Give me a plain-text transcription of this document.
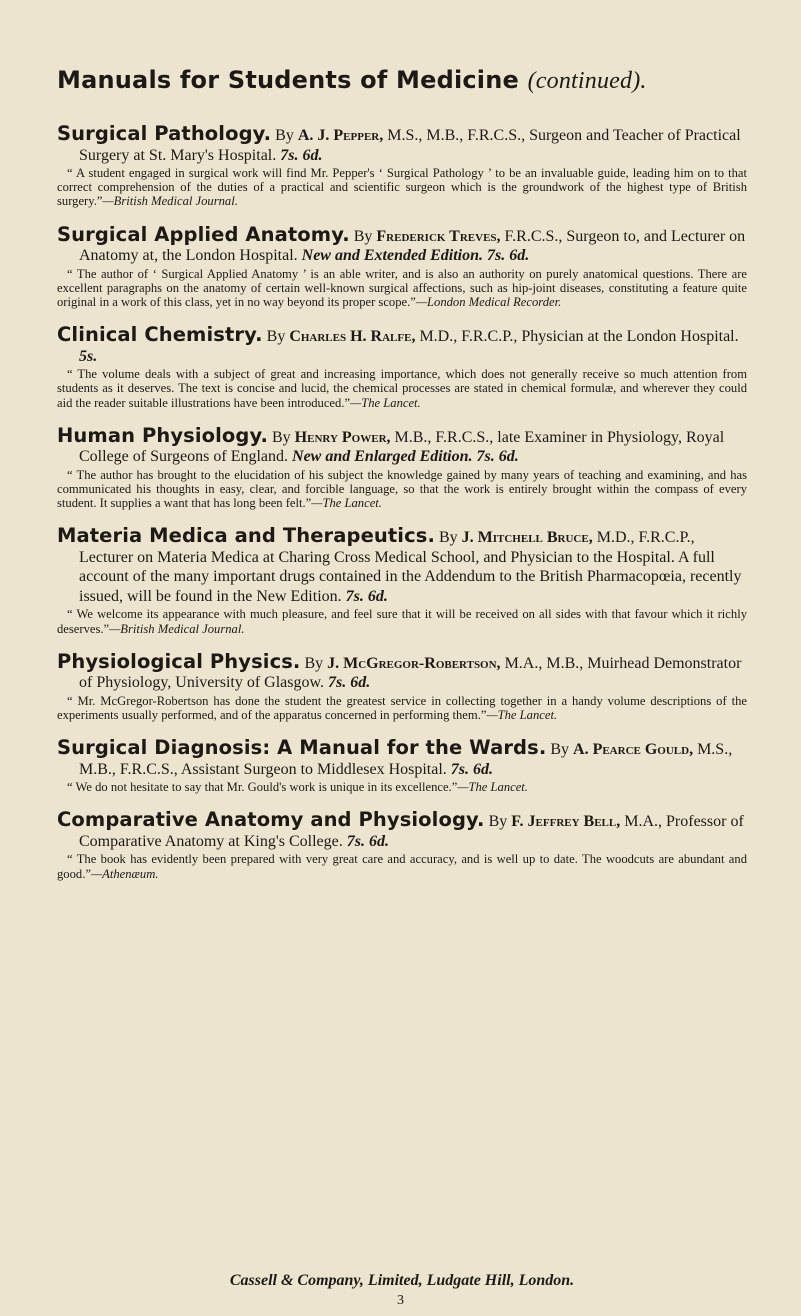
Manuals for Students of Medicine (continued).

Surgical Pathology. By A. J. Pepper, M.S., M.B., F.R.C.S., Surgeon and Teacher of Practical Surgery at St. Mary's Hospital. 7s. 6d.

“ A student engaged in surgical work will find Mr. Pepper's ‘ Surgical Pathology ’ to be an invaluable guide, leading him on to that correct comprehension of the duties of a practical and scientific surgeon which is the groundwork of the highest type of British surgery.”—British Medical Journal.

Surgical Applied Anatomy. By Frederick Treves, F.R.C.S., Surgeon to, and Lecturer on Anatomy at, the London Hospital. New and Extended Edition. 7s. 6d.

“ The author of ‘ Surgical Applied Anatomy ’ is an able writer, and is also an authority on purely anatomical questions. There are excellent paragraphs on the anatomy of certain well-known surgical affections, such as hip-joint diseases, constituting a feature quite original in a work of this class, yet in no way beyond its proper scope.”—London Medical Recorder.

Clinical Chemistry. By Charles H. Ralfe, M.D., F.R.C.P., Physician at the London Hospital. 5s.

“ The volume deals with a subject of great and increasing importance, which does not generally receive so much attention from students as it deserves. The text is concise and lucid, the chemical processes are stated in chemical formulæ, and wherever they could aid the reader suitable illustrations have been introduced.”—The Lancet.

Human Physiology. By Henry Power, M.B., F.R.C.S., late Examiner in Physiology, Royal College of Surgeons of England. New and Enlarged Edition. 7s. 6d.

“ The author has brought to the elucidation of his subject the knowledge gained by many years of teaching and examining, and has communicated his thoughts in easy, clear, and forcible language, so that the work is entirely brought within the compass of every student. It supplies a want that has long been felt.”—The Lancet.

Materia Medica and Therapeutics. By J. Mitchell Bruce, M.D., F.R.C.P., Lecturer on Materia Medica at Charing Cross Medical School, and Physician to the Hospital. A full account of the many important drugs contained in the Addendum to the British Pharmacopœia, recently issued, will be found in the New Edition. 7s. 6d.

“ We welcome its appearance with much pleasure, and feel sure that it will be received on all sides with that favour which it richly deserves.”—British Medical Journal.

Physiological Physics. By J. McGregor-Robertson, M.A., M.B., Muirhead Demonstrator of Physiology, University of Glasgow. 7s. 6d.

“ Mr. McGregor-Robertson has done the student the greatest service in collecting together in a handy volume descriptions of the experiments usually performed, and of the apparatus concerned in performing them.”—The Lancet.

Surgical Diagnosis: A Manual for the Wards. By A. Pearce Gould, M.S., M.B., F.R.C.S., Assistant Surgeon to Middlesex Hospital. 7s. 6d.

“ We do not hesitate to say that Mr. Gould's work is unique in its excellence.”—The Lancet.

Comparative Anatomy and Physiology. By F. Jeffrey Bell, M.A., Professor of Comparative Anatomy at King's College. 7s. 6d.

“ The book has evidently been prepared with very great care and accuracy, and is well up to date. The woodcuts are abundant and good.”—Athenæum.

Cassell & Company, Limited, Ludgate Hill, London.

3
